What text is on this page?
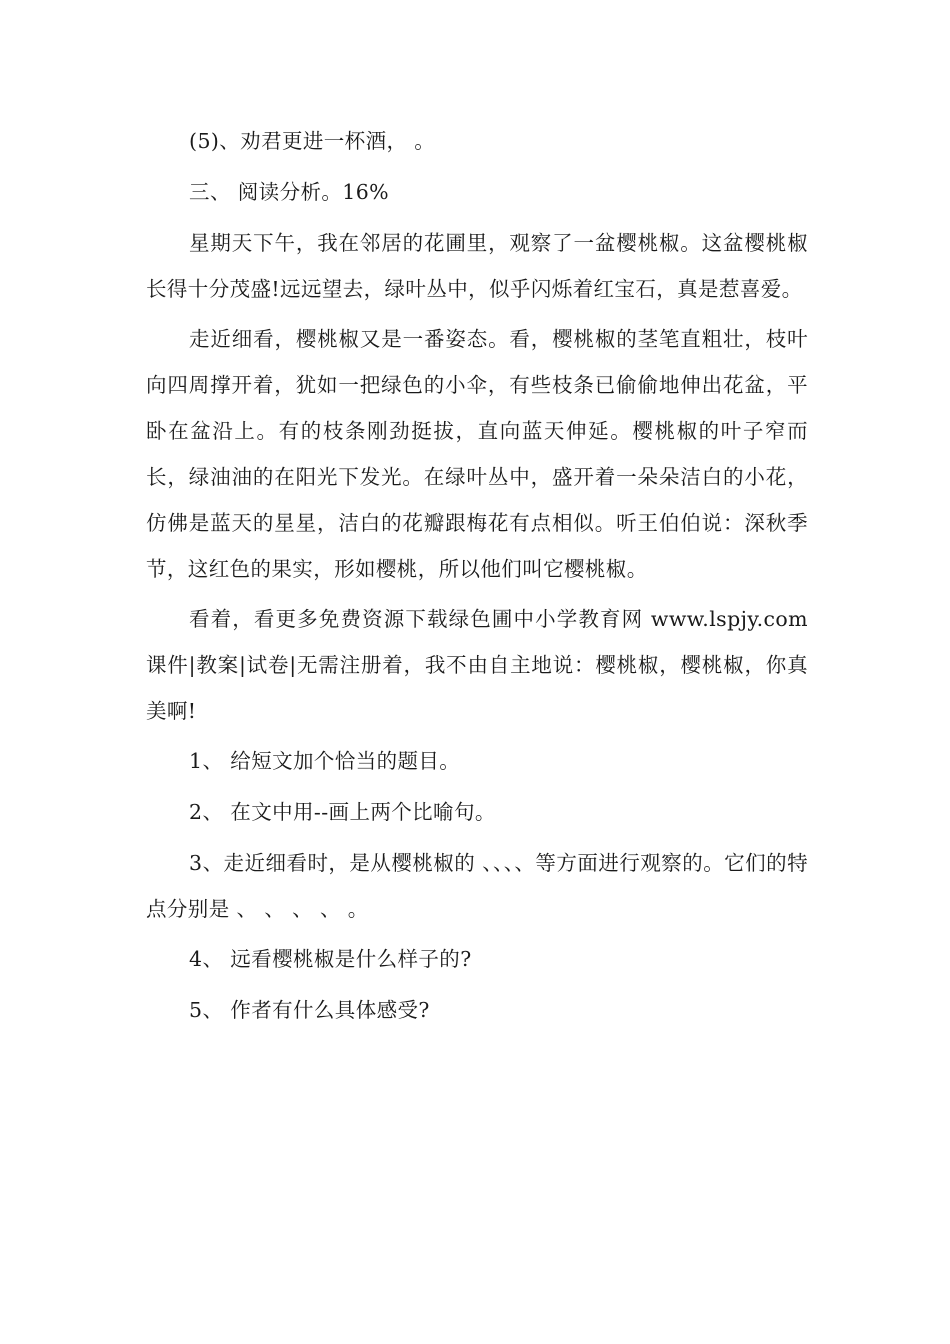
(5)、劝君更进一杯酒， 。

三、 阅读分析。16%

星期天下午，我在邻居的花圃里，观察了一盆樱桃椒。这盆樱桃椒长得十分茂盛!远远望去，绿叶丛中，似乎闪烁着红宝石，真是惹喜爱。

走近细看，樱桃椒又是一番姿态。看，樱桃椒的茎笔直粗壮，枝叶向四周撑开着，犹如一把绿色的小伞，有些枝条已偷偷地伸出花盆，平卧在盆沿上。有的枝条刚劲挺拔，直向蓝天伸延。樱桃椒的叶子窄而长，绿油油的在阳光下发光。在绿叶丛中，盛开着一朵朵洁白的小花，仿佛是蓝天的星星，洁白的花瓣跟梅花有点相似。听王伯伯说：深秋季节，这红色的果实，形如樱桃，所以他们叫它樱桃椒。

看着，看更多免费资源下载绿色圃中小学教育网 www.lspjy.com 课件|教案|试卷|无需注册着，我不由自主地说：樱桃椒，樱桃椒，你真美啊!

1、 给短文加个恰当的题目。

2、 在文中用--画上两个比喻句。

3、走近细看时，是从樱桃椒的 、、、、等方面进行观察的。它们的特点分别是 、 、 、 、 。

4、 远看樱桃椒是什么样子的?

5、 作者有什么具体感受?
